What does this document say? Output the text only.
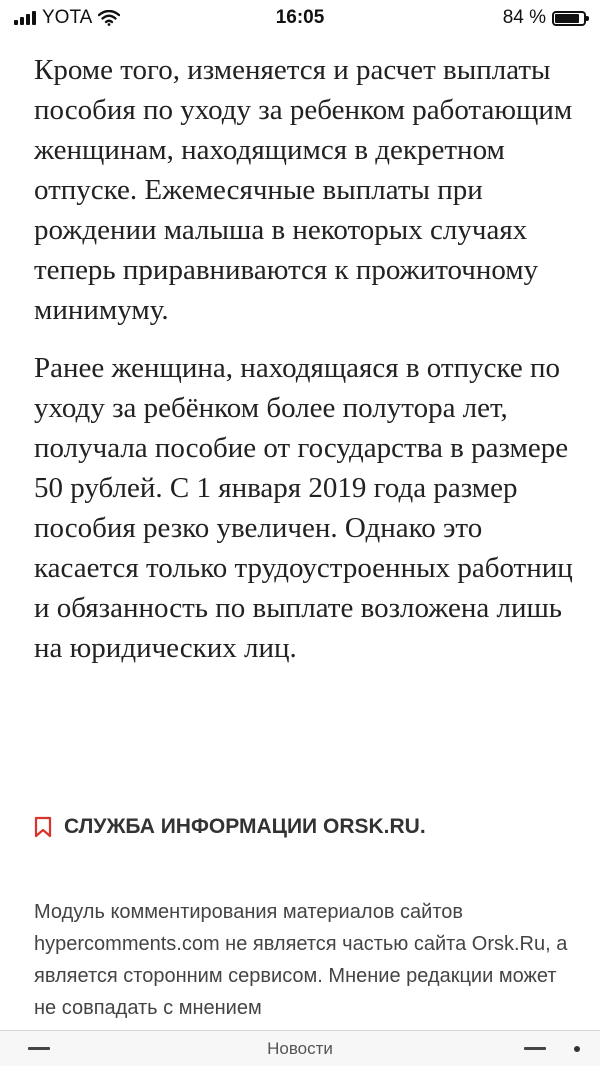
YOTA	16:05	84 %

Кроме того, изменяется и расчет выплаты пособия по уходу за ребенком работающим женщинам, находящимся в декретном отпуске. Ежемесячные выплаты при рождении малыша в некоторых случаях теперь приравниваются к прожиточному минимуму.

Ранее женщина, находящаяся в отпуске по уходу за ребёнком более полутора лет, получала пособие от государства в размере 50 рублей. С 1 января 2019 года размер пособия резко увеличен. Однако это касается только трудоустроенных работниц и обязанность по выплате возложена лишь на юридических лиц.

СЛУЖБА ИНФОРМАЦИИ ORSK.RU.
Модуль комментирования материалов сайтов hypercomments.com не является частью сайта Orsk.Ru, а является сторонним сервисом. Мнение редакции может не совпадать с мнением
Новости
